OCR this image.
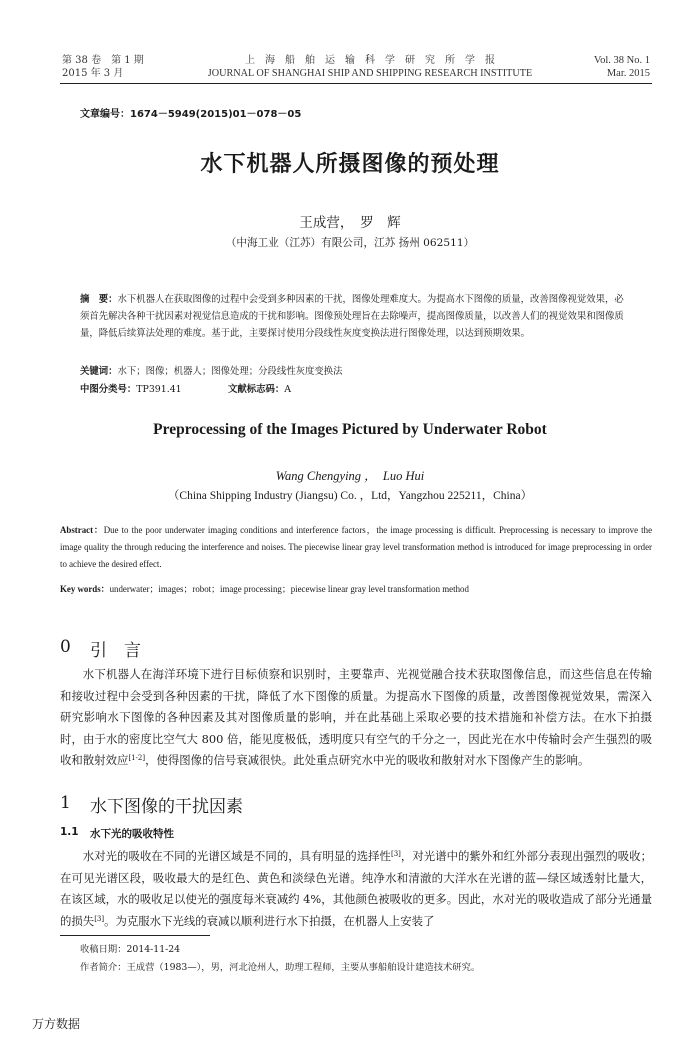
第 38 卷　第 1 期
2015 年 3 月
上　海　船　舶　运　输　科　学　研　究　所　学　报
JOURNAL OF SHANGHAI SHIP AND SHIPPING RESEARCH INSTITUTE
Vol. 38 No. 1
Mar. 2015
文章编号：1674－5949(2015)01－078－05
水下机器人所摄图像的预处理
王成营，　罗　辉
（中海工业（江苏）有限公司，江苏 扬州 062511）
摘　要：水下机器人在获取图像的过程中会受到多种因素的干扰，图像处理难度大。为提高水下图像的质量，改善图像视觉效果，必须首先解决各种干扰因素对视觉信息造成的干扰和影响。图像预处理旨在去除噪声，提高图像质量，以改善人们的视觉效果和图像质量，降低后续算法处理的难度。基于此，主要探讨使用分段线性灰度变换法进行图像处理，以达到预期效果。
关键词：水下；图像；机器人；图像处理；分段线性灰度变换法
中图分类号：TP391.41	文献标志码：A
Preprocessing of the Images Pictured by Underwater Robot
Wang Chengying ，　Luo Hui
（China Shipping Industry (Jiangsu) Co. ，Ltd，Yangzhou 225211，China）
Abstract：Due to the poor underwater imaging conditions and interference factors，the image processing is difficult. Preprocessing is necessary to improve the image quality the through reducing the interference and noises. The piecewise linear gray level transformation method is introduced for image preprocessing in order to achieve the desired effect.
Key words：underwater；images；robot；image processing；piecewise linear gray level transformation method
0 引　言
水下机器人在海洋环境下进行目标侦察和识别时，主要靠声、光视觉融合技术获取图像信息，而这些信息在传输和接收过程中会受到各种因素的干扰，降低了水下图像的质量。为提高水下图像的质量，改善图像视觉效果，需深入研究影响水下图像的各种因素及其对图像质量的影响，并在此基础上采取必要的技术措施和补偿方法。在水下拍摄时，由于水的密度比空气大 800 倍，能见度极低，透明度只有空气的千分之一，因此光在水中传输时会产生强烈的吸收和散射效应[1-2]，使得图像的信号衰减很快。此处重点研究水中光的吸收和散射对水下图像产生的影响。
1 水下图像的干扰因素
1.1 水下光的吸收特性
水对光的吸收在不同的光谱区域是不同的，具有明显的选择性[3]，对光谱中的紫外和红外部分表现出强烈的吸收；在可见光谱区段，吸收最大的是红色、黄色和淡绿色光谱。纯净水和清澈的大洋水在光谱的蓝—绿区域透射比量大，在该区域，水的吸收足以使光的强度每米衰减约 4%，其他颜色被吸收的更多。因此，水对光的吸收造成了部分光通量的损失[3]。为克服水下光线的衰减以顺利进行水下拍摄，在机器人上安装了
收稿日期：2014-11-24
作者简介：王成营（1983—），男，河北沧州人，助理工程师，主要从事船舶设计建造技术研究。
万方数据
